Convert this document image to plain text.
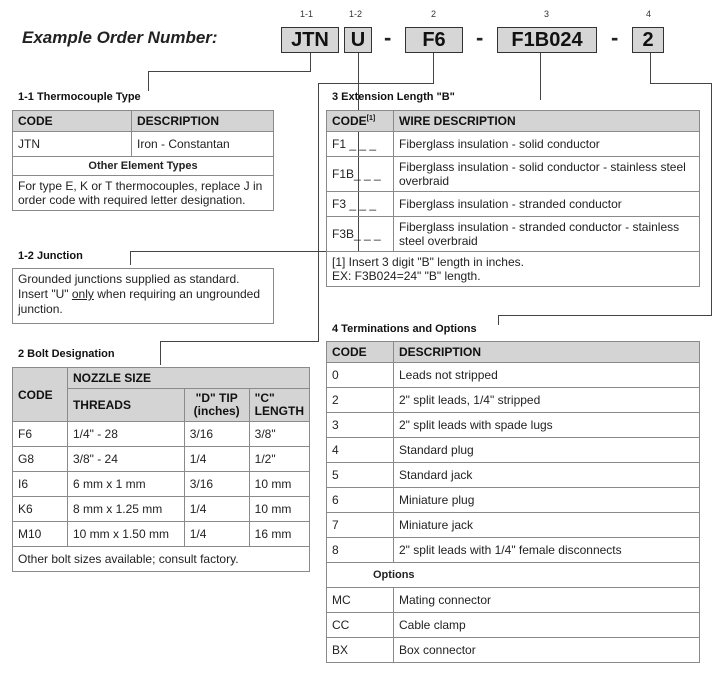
Example Order Number:
1-1
JTN
1-2
U -
2
F6	-
3
F1B024	-
4
2
1-1 Thermocouple Type
CODE	DESCRIPTION
JTN	Iron - Constantan
Other Element Types	
For type E, K or T thermocouples, replace J in order code with required letter designation.	
1-2 Junction
Grounded junctions supplied as standard. Insert "U" only when requiring an ungrounded junction.
2 Bolt Designation
CODE	NOZZLE SIZE		
	THREADS	"D" TIP (inches)	"C" LENGTH
F6	1/4" - 28	3/16	3/8"
G8	3/8" - 24	1/4	1/2"
I6	6 mm x 1 mm	3/16	10 mm
K6	8 mm x 1.25 mm	1/4	10 mm
M10	10 mm x 1.50 mm	1/4	16 mm
Other bolt sizes available; consult factory.			
3 Extension Length "B"
CODE[1]	WIRE DESCRIPTION
F1 _ _ _	Fiberglass insulation - solid conductor
F1B_ _ _	Fiberglass insulation - solid conductor - stainless steel overbraid
F3 _ _ _	Fiberglass insulation - stranded conductor
F3B_ _ _	Fiberglass insulation - stranded conductor - stainless steel overbraid

[1] Insert 3 digit "B" length in inches.
EX: F3B024=24" "B" length.	
4 Terminations and Options
CODE	DESCRIPTION
0	Leads not stripped
2	2" split leads, 1/4" stripped
3	2" split leads with spade lugs
4	Standard plug
5	Standard jack
6	Miniature plug
7	Miniature jack
8	2" split leads with 1/4" female disconnects
Options	
MC	Mating connector
CC	Cable clamp
BX	Box connector
